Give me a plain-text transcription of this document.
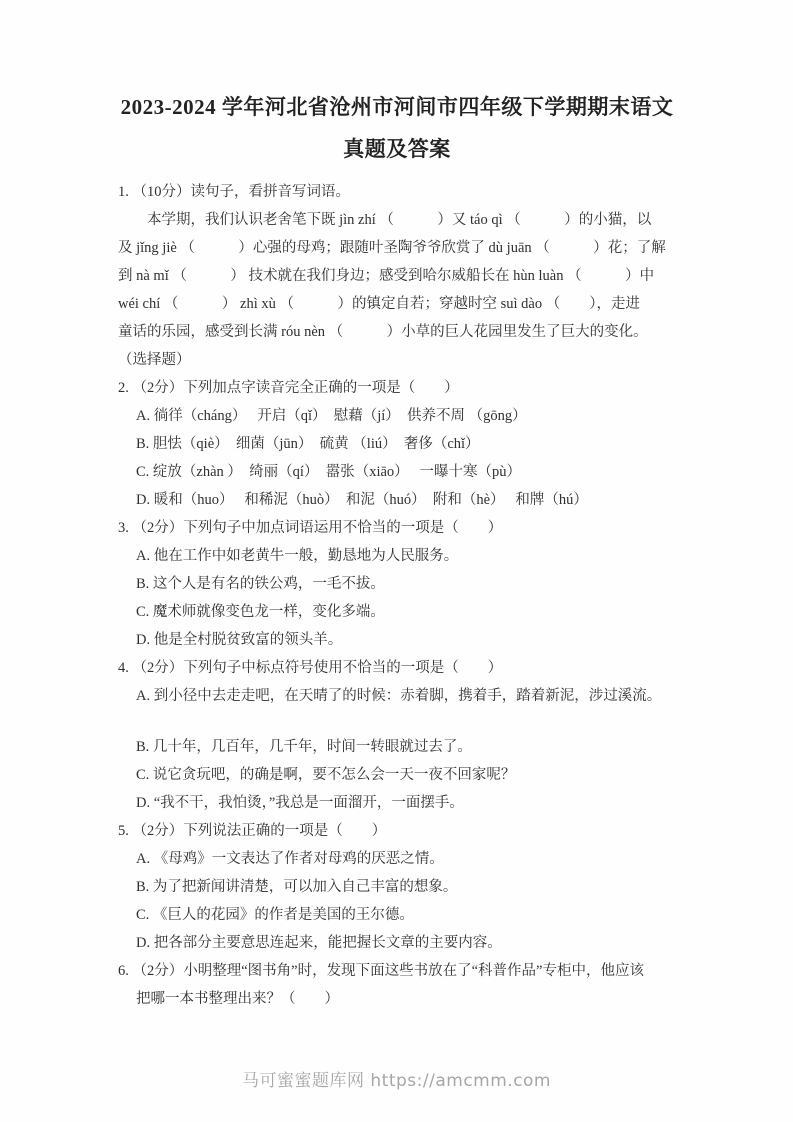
2023-2024 学年河北省沧州市河间市四年级下学期期末语文
真题及答案

1. （10分）读句子，看拼音写词语。

本学期，我们认识老舍笔下既 jìn zhí （　　　）又 táo qì （　　　）的小猫，以

及 jǐng jiè （　　　）心强的母鸡；跟随叶圣陶爷爷欣赏了 dù juān （　　　）花；了解

到 nà mǐ （　　　） 技术就在我们身边；感受到哈尔威船长在 hùn luàn （　　　）中

wéi chí （　　　） zhì xù （　　　）的镇定自若；穿越时空 suì dào （　　），走进

童话的乐园，感受到长满 róu nèn （　　　）小草的巨人花园里发生了巨大的变化。

（选择题）

2. （2分）下列加点字读音完全正确的一项是（　　）

A. 徜徉（cháng）　 开启（qǐ）　慰藉（jí）　供养不周 （gōng）

B. 胆怯（qiè）　细菌（jūn）　硫黄 （liú）　奢侈（chǐ）

C. 绽放（zhàn ）　绮丽（qí）　嚣张（xiāo）　 一曝十寒（pù）

D. 暖和（huo）　 和稀泥（huò）　和泥（huó）　附和（hè）　 和牌（hú）

3. （2分）下列句子中加点词语运用不恰当的一项是（　　）

A. 他在工作中如老黄牛一般，勤恳地为人民服务。

B. 这个人是有名的铁公鸡，一毛不拔。

C. 魔术师就像变色龙一样，变化多端。

D. 他是全村脱贫致富的领头羊。

4. （2分）下列句子中标点符号使用不恰当的一项是（　　）

A. 到小径中去走走吧，在天晴了的时候：赤着脚，携着手，踏着新泥，涉过溪流。

B. 几十年，几百年，几千年，时间一转眼就过去了。

C. 说它贪玩吧，的确是啊，要不怎么会一天一夜不回家呢？

D. “我不干，我怕烫，”我总是一面溜开，一面摆手。

5. （2分）下列说法正确的一项是（　　）

A. 《母鸡》一文表达了作者对母鸡的厌恶之情。

B. 为了把新闻讲清楚，可以加入自己丰富的想象。

C. 《巨人的花园》的作者是美国的王尔德。

D. 把各部分主要意思连起来，能把握长文章的主要内容。

6. （2分）小明整理“图书角”时，发现下面这些书放在了“科普作品”专柜中，他应该

把哪一本书整理出来？（　　）

马可蜜蜜题库网 https://amcmm.com
